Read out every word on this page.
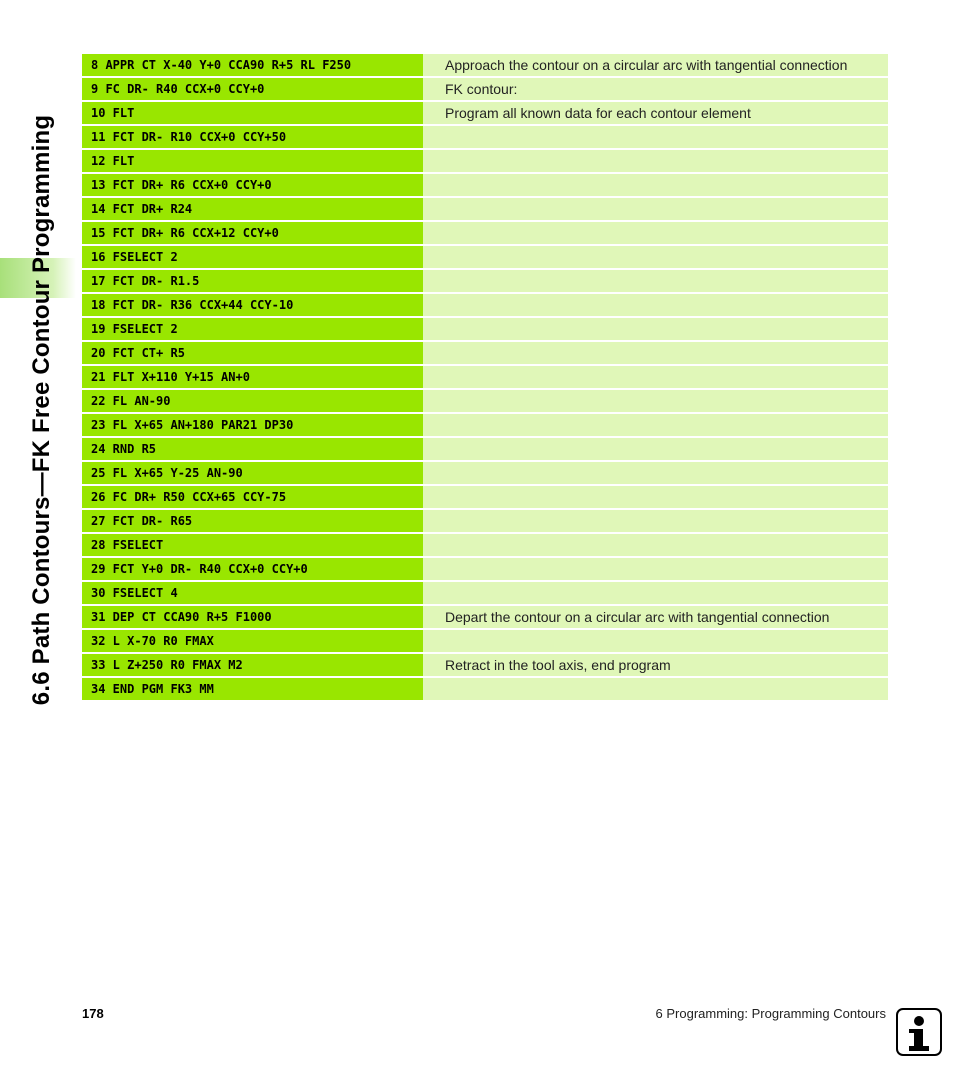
6.6 Path Contours—FK Free Contour Programming
8 APPR CT X-40 Y+0 CCA90 R+5 RL F250	Approach the contour on a circular arc with tangential connection
9 FC DR- R40 CCX+0 CCY+0	FK contour:
10 FLT	Program all known data for each contour element
11 FCT DR- R10 CCX+0 CCY+50
12 FLT
13 FCT DR+ R6 CCX+0 CCY+0
14 FCT DR+ R24
15 FCT DR+ R6 CCX+12 CCY+0
16 FSELECT 2
17 FCT DR- R1.5
18 FCT DR- R36 CCX+44 CCY-10
19 FSELECT 2
20 FCT CT+ R5
21 FLT X+110 Y+15 AN+0
22 FL AN-90
23 FL X+65 AN+180 PAR21 DP30
24 RND R5
25 FL X+65 Y-25 AN-90
26 FC DR+ R50 CCX+65 CCY-75
27 FCT DR- R65
28 FSELECT
29 FCT Y+0 DR- R40 CCX+0 CCY+0
30 FSELECT 4
31 DEP CT CCA90 R+5 F1000	Depart the contour on a circular arc with tangential connection
32 L X-70 R0 FMAX
33 L Z+250 R0 FMAX M2	Retract in the tool axis, end program
34 END PGM FK3 MM
178	6 Programming: Programming Contours
